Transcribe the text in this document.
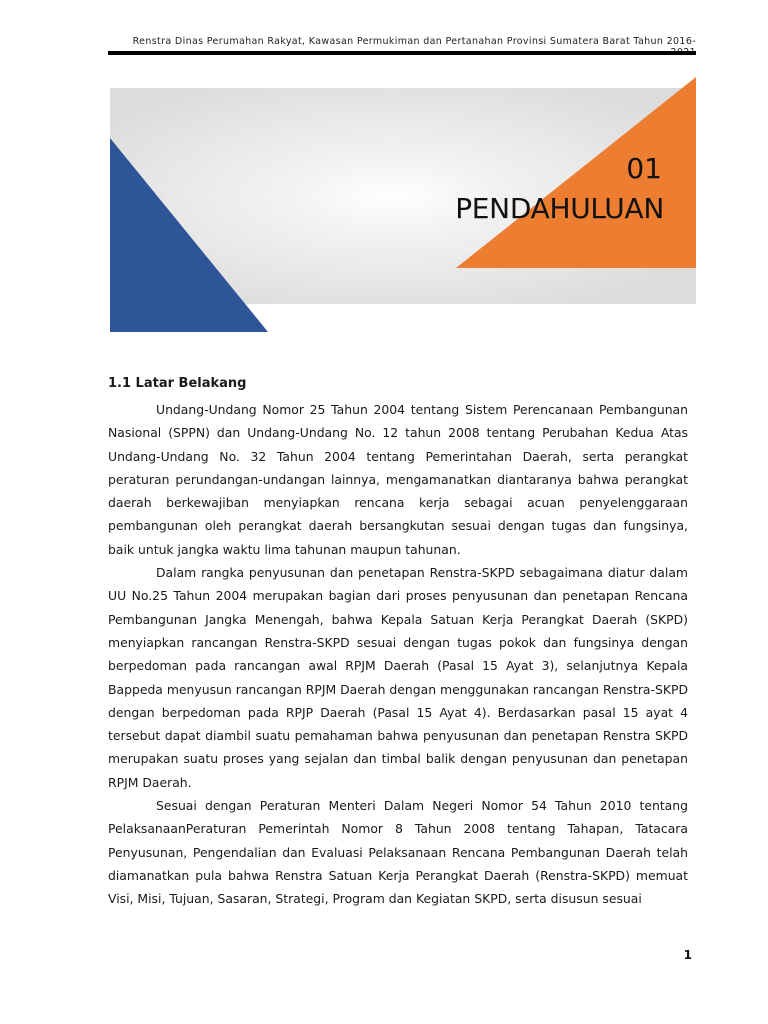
Renstra Dinas Perumahan Rakyat, Kawasan Permukiman dan Pertanahan Provinsi Sumatera Barat Tahun 2016-
01
PENDAHULUAN
1.1 Latar Belakang

Undang-Undang Nomor 25 Tahun 2004 tentang Sistem Perencanaan Pembangunan Nasional (SPPN) dan Undang-Undang No. 12 tahun 2008 tentang Perubahan Kedua Atas Undang-Undang No. 32 Tahun 2004 tentang Pemerintahan Daerah, serta perangkat peraturan perundangan-undangan lainnya, mengamanatkan diantaranya bahwa perangkat daerah berkewajiban menyiapkan rencana kerja sebagai acuan penyelenggaraan pembangunan oleh perangkat daerah bersangkutan sesuai dengan tugas dan fungsinya, baik untuk jangka waktu lima tahunan maupun tahunan.

Dalam rangka penyusunan dan penetapan Renstra-SKPD sebagaimana diatur dalam UU No.25 Tahun 2004 merupakan bagian dari proses penyusunan dan penetapan Rencana Pembangunan Jangka Menengah, bahwa Kepala Satuan Kerja Perangkat Daerah (SKPD) menyiapkan rancangan Renstra-SKPD sesuai dengan tugas pokok dan fungsinya dengan berpedoman pada rancangan awal RPJM Daerah (Pasal 15 Ayat 3), selanjutnya Kepala Bappeda menyusun rancangan RPJM Daerah dengan menggunakan rancangan Renstra-SKPD dengan berpedoman pada RPJP Daerah (Pasal 15 Ayat 4). Berdasarkan pasal 15 ayat 4 tersebut dapat diambil suatu pemahaman bahwa penyusunan dan penetapan Renstra SKPD merupakan suatu proses yang sejalan dan timbal balik dengan penyusunan dan penetapan RPJM Daerah.

Sesuai dengan Peraturan Menteri Dalam Negeri Nomor 54 Tahun 2010 tentang PelaksanaanPeraturan Pemerintah Nomor 8 Tahun 2008 tentang Tahapan, Tatacara Penyusunan, Pengendalian dan Evaluasi Pelaksanaan Rencana Pembangunan Daerah telah diamanatkan pula bahwa Renstra Satuan Kerja Perangkat Daerah (Renstra-SKPD) memuat Visi, Misi, Tujuan, Sasaran, Strategi, Program dan Kegiatan SKPD, serta disusun sesuai

1
